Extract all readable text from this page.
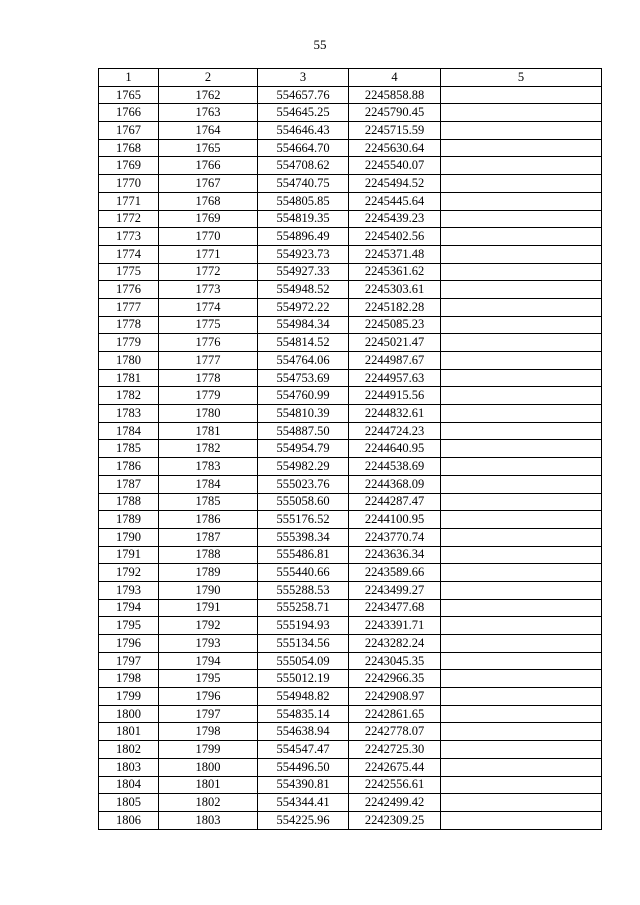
55
1	2	3	4	5
1765	1762	554657.76	2245858.88	
1766	1763	554645.25	2245790.45	
1767	1764	554646.43	2245715.59	
1768	1765	554664.70	2245630.64	
1769	1766	554708.62	2245540.07	
1770	1767	554740.75	2245494.52	
1771	1768	554805.85	2245445.64	
1772	1769	554819.35	2245439.23	
1773	1770	554896.49	2245402.56	
1774	1771	554923.73	2245371.48	
1775	1772	554927.33	2245361.62	
1776	1773	554948.52	2245303.61	
1777	1774	554972.22	2245182.28	
1778	1775	554984.34	2245085.23	
1779	1776	554814.52	2245021.47	
1780	1777	554764.06	2244987.67	
1781	1778	554753.69	2244957.63	
1782	1779	554760.99	2244915.56	
1783	1780	554810.39	2244832.61	
1784	1781	554887.50	2244724.23	
1785	1782	554954.79	2244640.95	
1786	1783	554982.29	2244538.69	
1787	1784	555023.76	2244368.09	
1788	1785	555058.60	2244287.47	
1789	1786	555176.52	2244100.95	
1790	1787	555398.34	2243770.74	
1791	1788	555486.81	2243636.34	
1792	1789	555440.66	2243589.66	
1793	1790	555288.53	2243499.27	
1794	1791	555258.71	2243477.68	
1795	1792	555194.93	2243391.71	
1796	1793	555134.56	2243282.24	
1797	1794	555054.09	2243045.35	
1798	1795	555012.19	2242966.35	
1799	1796	554948.82	2242908.97	
1800	1797	554835.14	2242861.65	
1801	1798	554638.94	2242778.07	
1802	1799	554547.47	2242725.30	
1803	1800	554496.50	2242675.44	
1804	1801	554390.81	2242556.61	
1805	1802	554344.41	2242499.42	
1806	1803	554225.96	2242309.25	
